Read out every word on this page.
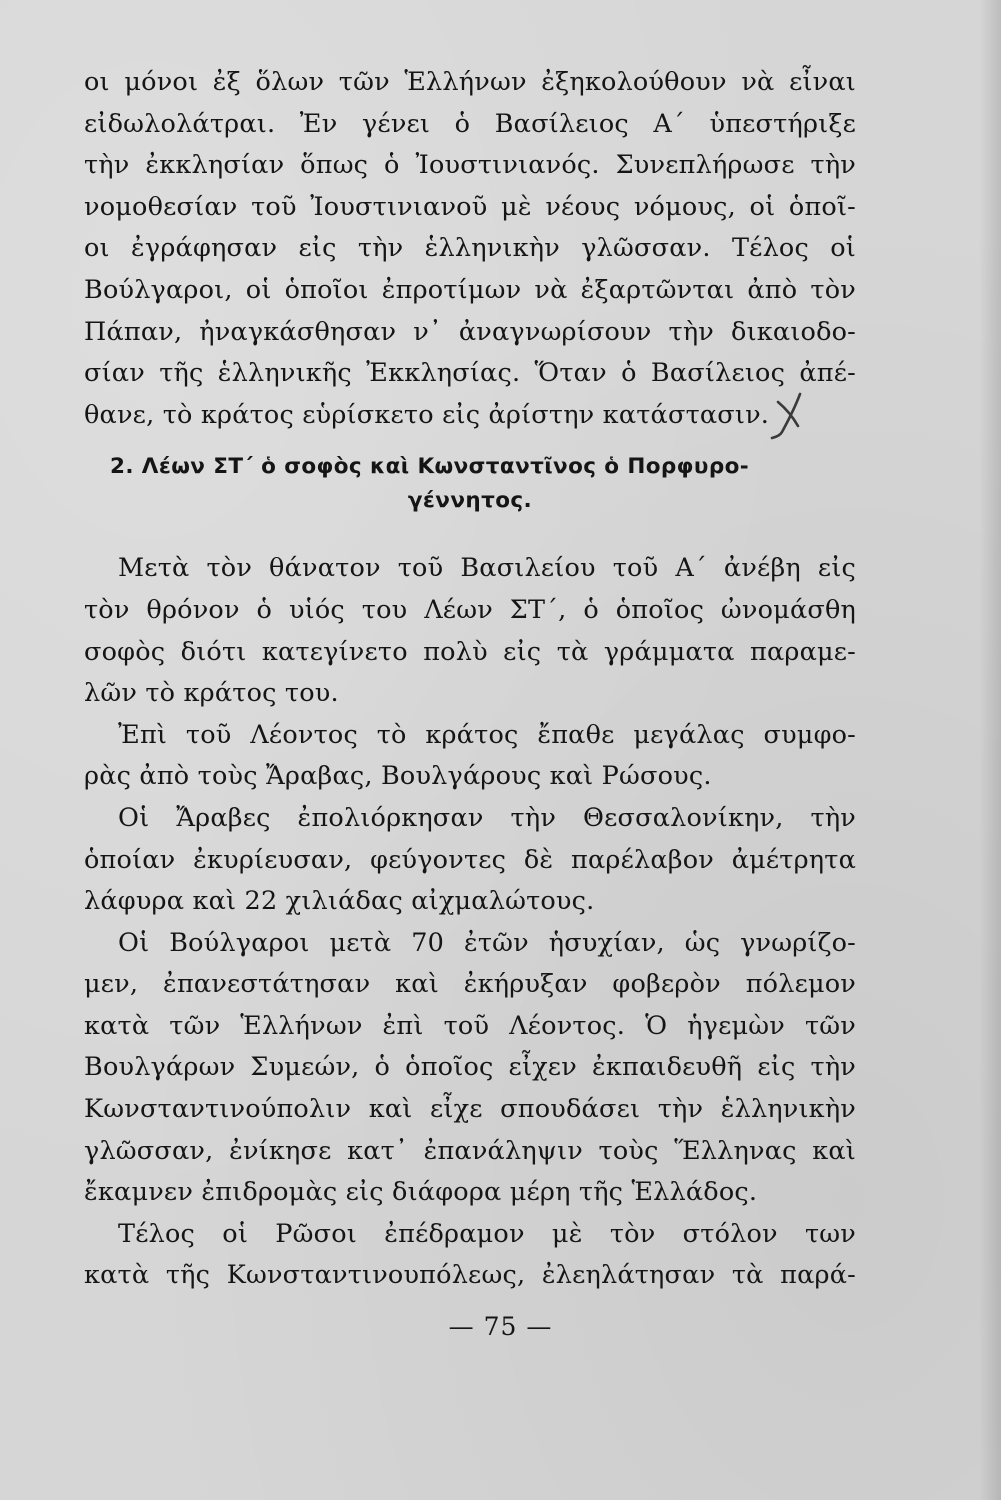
οι μόνοι ἐξ ὅλων τῶν Ἑλλήνων ἐξηκολούθουν νὰ εἶναι
εἰδωλολάτραι. Ἐν γένει ὁ Βασίλειος Α΄ ὑπεστήριξε
τὴν ἐκκλησίαν ὅπως ὁ Ἰουστινιανός. Συνεπλήρωσε τὴν
νομοθεσίαν τοῦ Ἰουστινιανοῦ μὲ νέους νόμους, οἱ ὁποῖ-
οι ἐγράφησαν εἰς τὴν ἑλληνικὴν γλῶσσαν. Τέλος οἱ
Βούλγαροι, οἱ ὁποῖοι ἐπροτίμων νὰ ἐξαρτῶνται ἀπὸ τὸν
Πάπαν, ἠναγκάσθησαν ν᾿ ἀναγνωρίσουν τὴν δικαιοδο-
σίαν τῆς ἑλληνικῆς Ἐκκλησίας. Ὅταν ὁ Βασίλειος ἀπέ-
θανε, τὸ κράτος εὑρίσκετο εἰς ἀρίστην κατάστασιν.
2. Λέων ΣΤ΄ ὁ σοφὸς καὶ Κωνσταντῖνος ὁ Πορφυρο-
γέννητος.
Μετὰ τὸν θάνατον τοῦ Βασιλείου τοῦ Α΄ ἀνέβη εἰς
τὸν θρόνον ὁ υἱός του Λέων ΣΤ΄, ὁ ὁποῖος ὠνομάσθη
σοφὸς διότι κατεγίνετο πολὺ εἰς τὰ γράμματα παραμε-
λῶν τὸ κράτος του.
Ἐπὶ τοῦ Λέοντος τὸ κράτος ἔπαθε μεγάλας συμφο-
ρὰς ἀπὸ τοὺς Ἄραβας, Βουλγάρους καὶ Ρώσους.
Οἱ Ἄραβες ἐπολιόρκησαν τὴν Θεσσαλονίκην, τὴν
ὁποίαν ἐκυρίευσαν, φεύγοντες δὲ παρέλαβον ἀμέτρητα
λάφυρα καὶ 22 χιλιάδας αἰχμαλώτους.
Οἱ Βούλγαροι μετὰ 70 ἐτῶν ἡσυχίαν, ὡς γνωρίζο-
μεν, ἐπανεστάτησαν καὶ ἐκήρυξαν φοβερὸν πόλεμον
κατὰ τῶν Ἑλλήνων ἐπὶ τοῦ Λέοντος. Ὁ ἡγεμὼν τῶν
Βουλγάρων Συμεών, ὁ ὁποῖος εἶχεν ἐκπαιδευθῆ εἰς τὴν
Κωνσταντινούπολιν καὶ εἶχε σπουδάσει τὴν ἑλληνικὴν
γλῶσσαν, ἐνίκησε κατ᾿ ἐπανάληψιν τοὺς Ἕλληνας καὶ
ἔκαμνεν ἐπιδρομὰς εἰς διάφορα μέρη τῆς Ἑλλάδος.
Τέλος οἱ Ρῶσοι ἐπέδραμον μὲ τὸν στόλον των
κατὰ τῆς Κωνσταντινουπόλεως, ἐλεηλάτησαν τὰ παρά-
— 75 —
